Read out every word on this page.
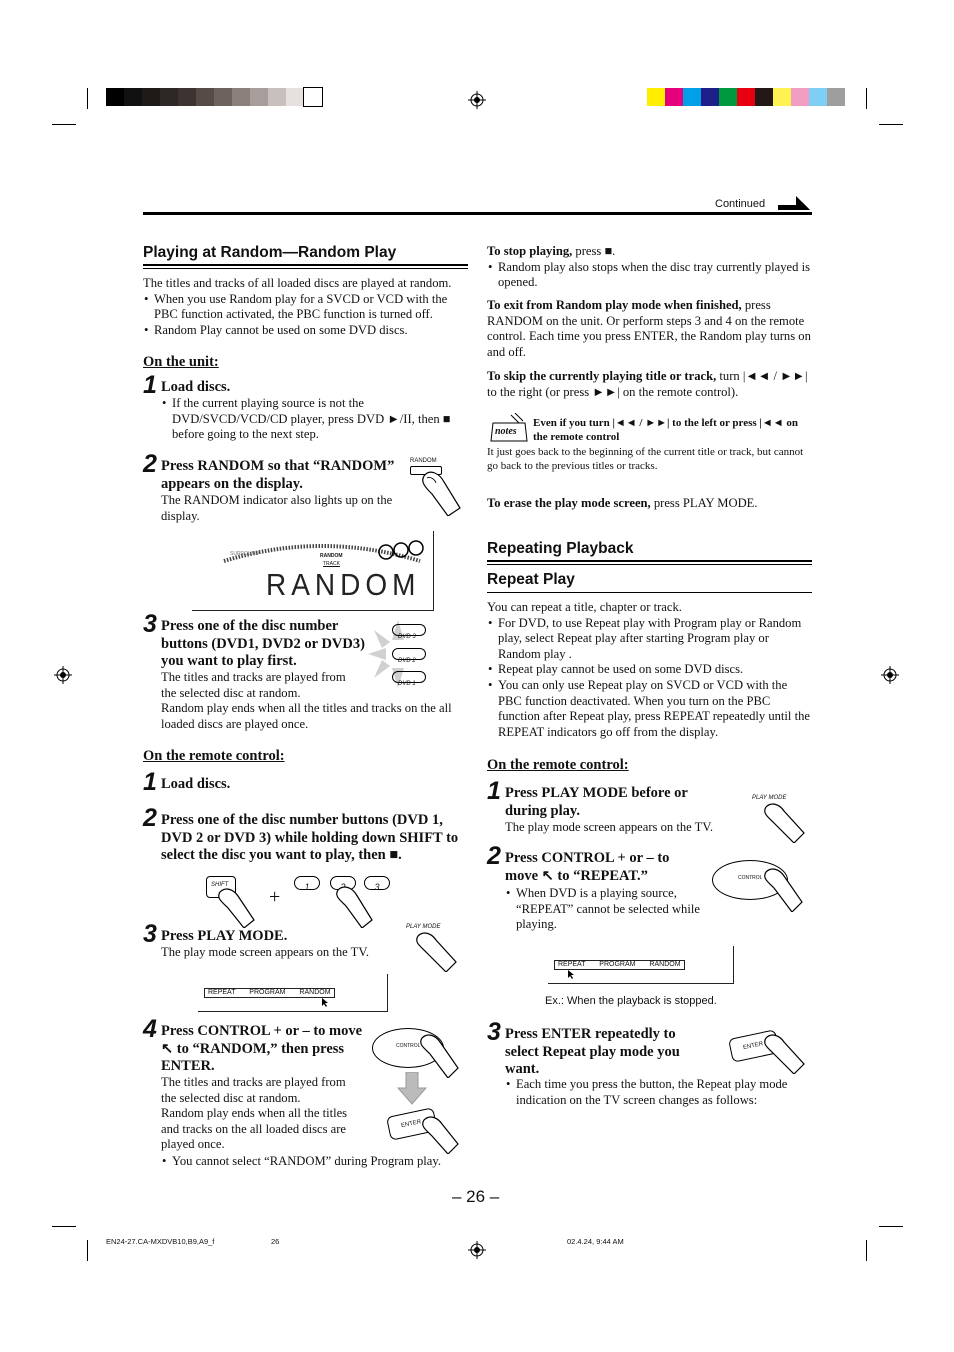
Continued
Playing at Random—Random Play
The titles and tracks of all loaded discs are played at random.
• When you use Random play for a SVCD or VCD with the PBC function activated, the PBC function is turned off.
• Random Play cannot be used on some DVD discs.
On the unit:
1 Load discs.
• If the current playing source is not the DVD/SVCD/VCD/CD player, press DVD ►/II, then ■ before going to the next step.
2 Press RANDOM so that “RANDOM” appears on the display.
The RANDOM indicator also lights up on the display.
RANDOM
SURROUND	RANDOM
TRACK
RANDOM
3 Press one of the disc number buttons (DVD1, DVD2 or DVD3) you want to play first.
The titles and tracks are played from the selected disc at random.
Random play ends when all the titles and tracks on the all loaded discs are played once.
DVD 3
DVD 2
DVD 1
On the remote control:
1 Load discs.
2 Press one of the disc number buttons (DVD 1, DVD 2 or DVD 3) while holding down SHIFT to select the disc you want to play, then ■.
SHIFT
+	1	3
3 Press PLAY MODE.
The play mode screen appears on the TV.
PLAY MODE
REPEAT PROGRAM RANDOM
4 Press CONTROL + or – to move ↖ to “RANDOM,” then press ENTER.
The titles and tracks are played from the selected disc at random.
Random play ends when all the titles and tracks on the all loaded discs are played once.
• You cannot select “RANDOM” during Program play.
CONTROL
ENTER
To stop playing, press ■.
• Random play also stops when the disc tray currently played is opened.
To exit from Random play mode when finished, press RANDOM on the unit. Or perform steps 3 and 4 on the remote control. Each time you press ENTER, the Random play turns on and off.
To skip the currently playing title or track, turn |◄◄ / ►►| to the right (or press ►►| on the remote control).
notes
Even if you turn |◄◄ / ►►| to the left or press |◄◄ on the remote control
It just goes back to the beginning of the current title or track, but cannot go back to the previous titles or tracks.
To erase the play mode screen, press PLAY MODE.
Repeating Playback
Repeat Play
You can repeat a title, chapter or track.
• For DVD, to use Repeat play with Program play or Random play, select Repeat play after starting Program play or Random play .
• Repeat play cannot be used on some DVD discs.
• You can only use Repeat play on SVCD or VCD with the PBC function deactivated. When you turn on the PBC function after Repeat play, press REPEAT repeatedly until the REPEAT indicators go off from the display.
On the remote control:
1 Press PLAY MODE before or during play.
The play mode screen appears on the TV.
PLAY MODE
2 Press CONTROL + or – to move ↖ to “REPEAT.”
• When DVD is a playing source, “REPEAT” cannot be selected while playing.
CONTROL
REPEAT PROGRAM RANDOM
Ex.: When the playback is stopped.
3 Press ENTER repeatedly to select Repeat play mode you want.
• Each time you press the button, the Repeat play mode indication on the TV screen changes as follows:
ENTER
– 26 –
EN24-27.CA-MXDVB10,B9,A9_f	26	02.4.24, 9:44 AM
